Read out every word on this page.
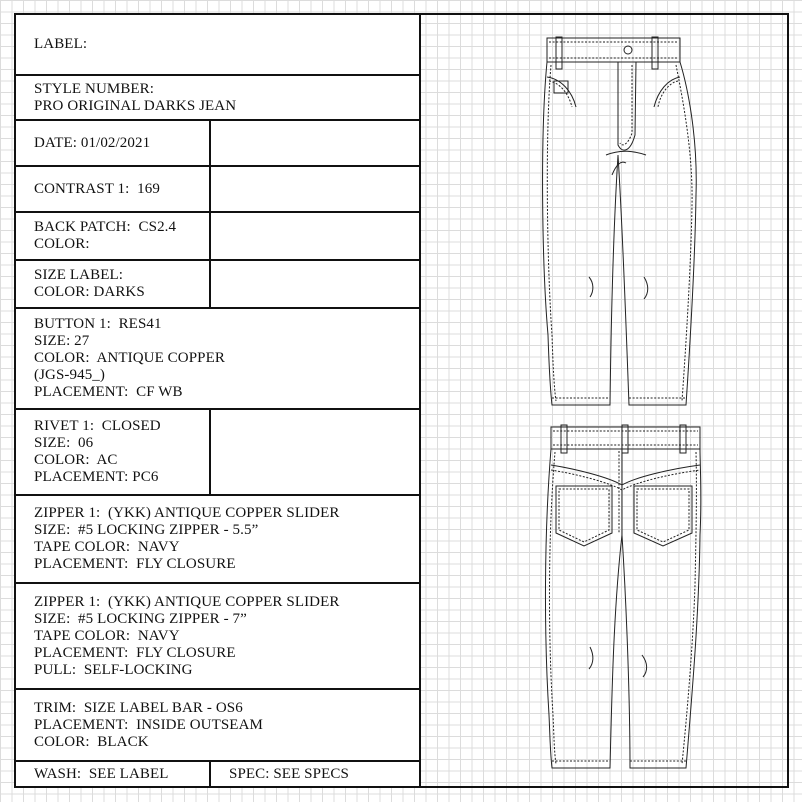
LABEL:
STYLE NUMBER:
PRO ORIGINAL DARKS JEAN
DATE: 01/02/2021
CONTRAST 1:  169
BACK PATCH:  CS2.4
COLOR:
SIZE LABEL:
COLOR: DARKS
BUTTON 1:  RES41
SIZE: 27
COLOR:  ANTIQUE COPPER
(JGS-945_)
PLACEMENT:  CF WB
RIVET 1:  CLOSED
SIZE:  06
COLOR:  AC
PLACEMENT: PC6
ZIPPER 1:  (YKK) ANTIQUE COPPER SLIDER
SIZE:  #5 LOCKING ZIPPER - 5.5”
TAPE COLOR:  NAVY
PLACEMENT:  FLY CLOSURE
ZIPPER 1:  (YKK) ANTIQUE COPPER SLIDER
SIZE:  #5 LOCKING ZIPPER - 7”
TAPE COLOR:  NAVY
PLACEMENT:  FLY CLOSURE
PULL:  SELF-LOCKING
TRIM:  SIZE LABEL BAR - OS6
PLACEMENT:  INSIDE OUTSEAM
COLOR:  BLACK
WASH:  SEE LABEL	SPEC: SEE SPECS
